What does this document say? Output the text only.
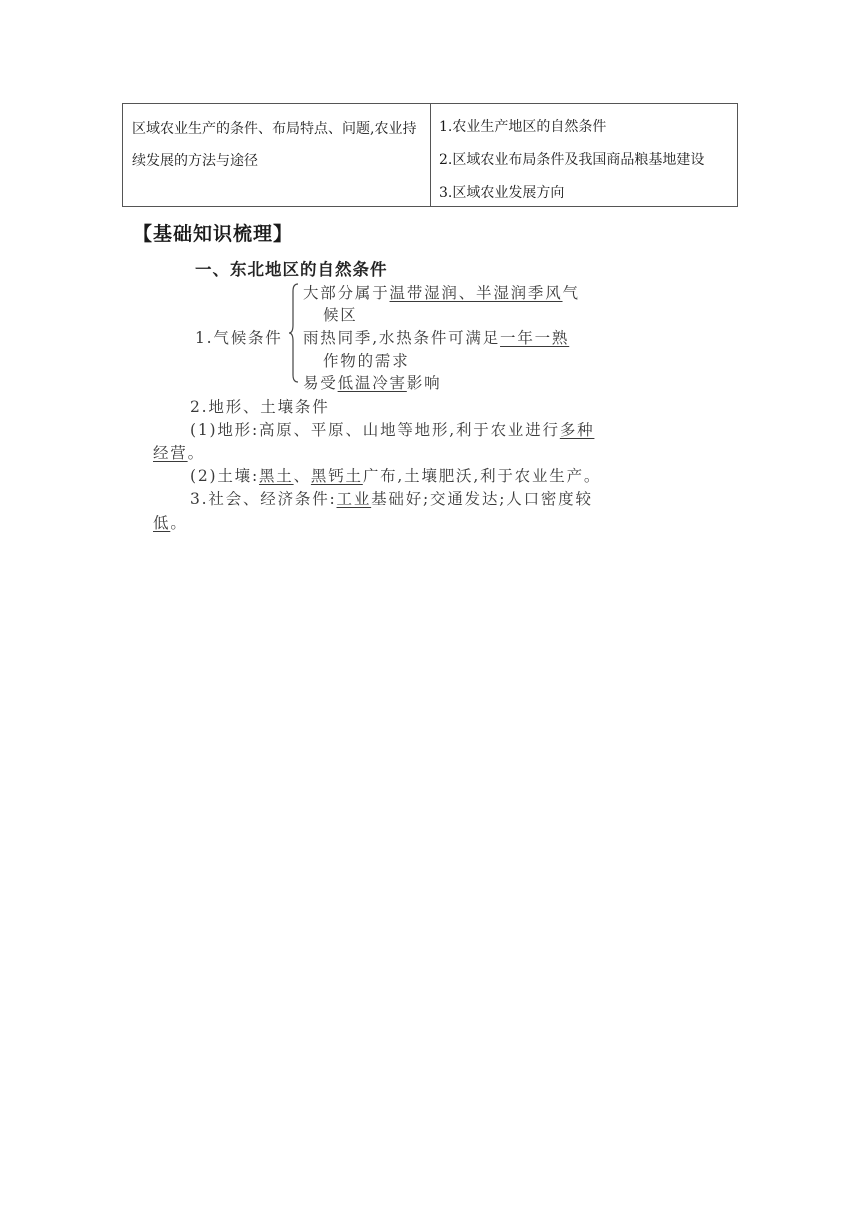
区域农业生产的条件、布局特点、问题,农业持续发展的方法与途径
1.农业生产地区的自然条件
2.区域农业布局条件及我国商品粮基地建设
3.区域农业发展方向
【基础知识梳理】
一、东北地区的自然条件
大部分属于温带湿润、半湿润季风气
候区
1.气候条件 雨热同季,水热条件可满足一年一熟
作物的需求
易受低温冷害影响
2.地形、土壤条件
(1)地形:高原、平原、山地等地形,利于农业进行多种
经营。
(2)土壤:黑土、黑钙土广布,土壤肥沃,利于农业生产。
3.社会、经济条件:工业基础好;交通发达;人口密度较
低。
